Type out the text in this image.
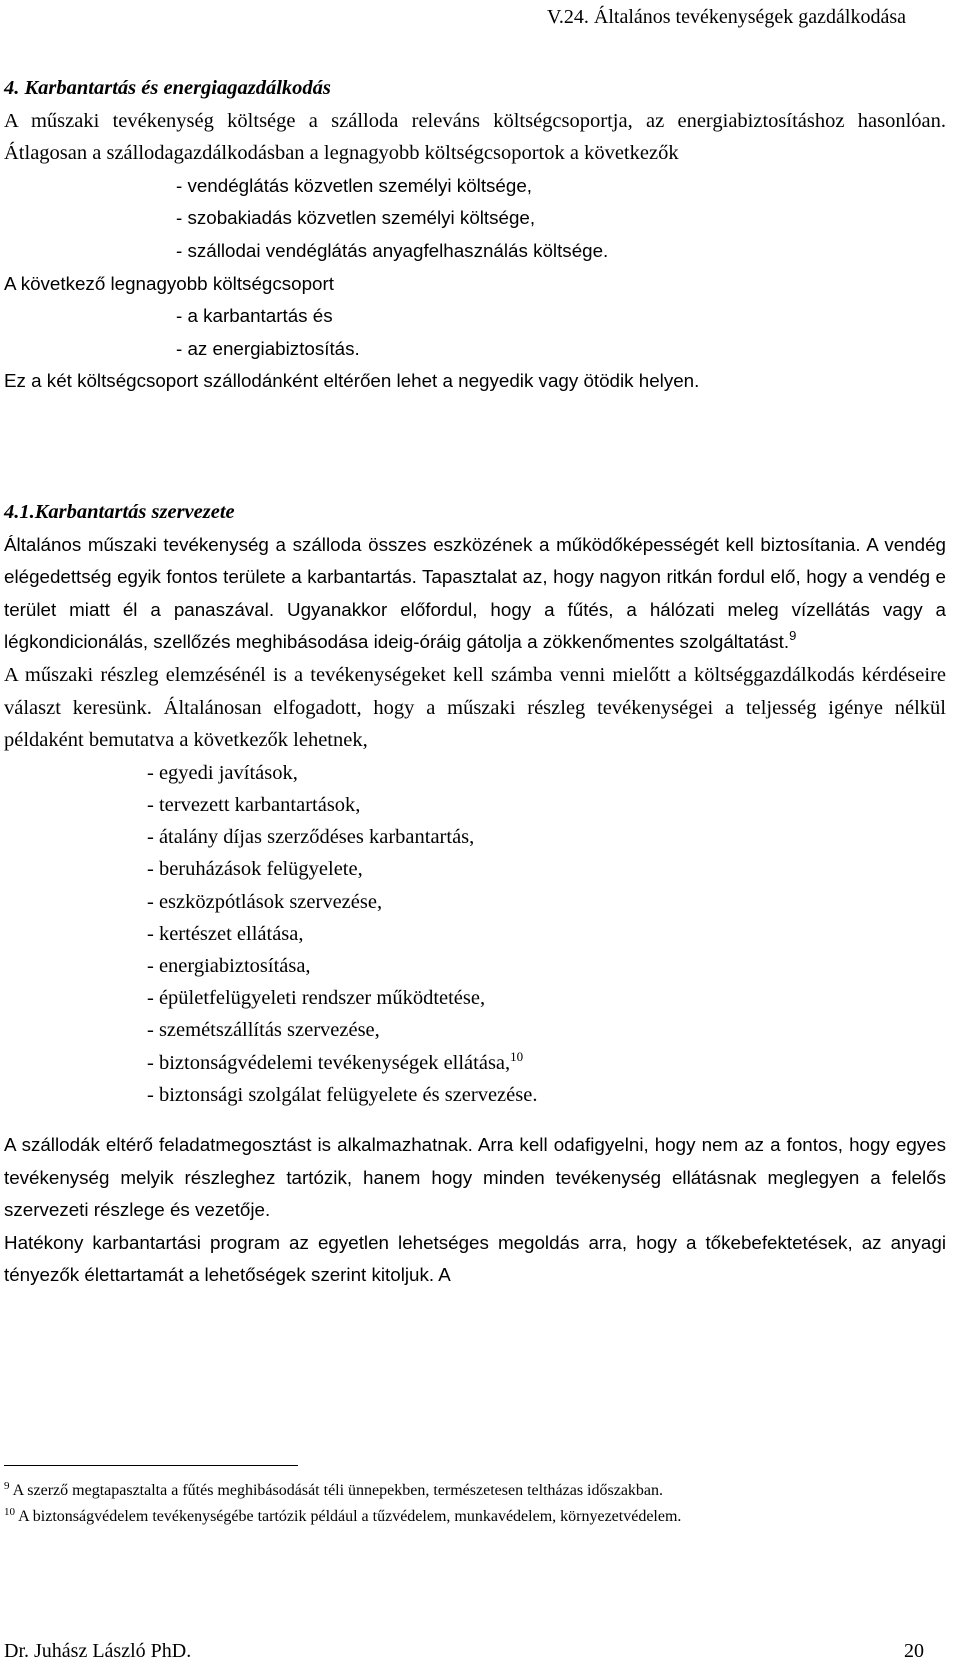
V.24. Általános tevékenységek gazdálkodása

4. Karbantartás és energiagazdálkodás

A műszaki tevékenység költsége a szálloda releváns költségcsoportja, az energiabiztosításhoz hasonlóan. Átlagosan a szállodagazdálkodásban a legnagyobb költségcsoportok a következők

- vendéglátás közvetlen személyi költsége,
- szobakiadás közvetlen személyi költsége,
- szállodai vendéglátás anyagfelhasználás költsége.

A következő legnagyobb költségcsoport

- a karbantartás és
- az energiabiztosítás.

Ez a két költségcsoport szállodánként eltérően lehet a negyedik vagy ötödik helyen.

4.1.Karbantartás szervezete

Általános műszaki tevékenység a szálloda összes eszközének a működőképességét kell biztosítania. A vendég elégedettség egyik fontos területe a karbantartás. Tapasztalat az, hogy nagyon ritkán fordul elő, hogy a vendég e terület miatt él a panaszával. Ugyanakkor előfordul, hogy a fűtés, a hálózati meleg vízellátás vagy a légkondicionálás, szellőzés meghibásodása ideig-óráig gátolja a zökkenőmentes szolgáltatást.$^9$

A műszaki részleg elemzésénél is a tevékenységeket kell számba venni mielőtt a költséggazdálkodás kérdéseire választ keresünk. Általánosan elfogadott, hogy a műszaki részleg tevékenységei a teljesség igénye nélkül példaként bemutatva a következők lehetnek,

- egyedi javítások,
- tervezett karbantartások,
- átalány díjas szerződéses karbantartás,
- beruházások felügyelete,
- eszközpótlások szervezése,
- kertészet ellátása,
- energiabiztosítása,
- épületfelügyeleti rendszer működtetése,
- szemétszállítás szervezése,
- biztonságvédelemi tevékenységek ellátása,$^{10}$
- biztonsági szolgálat felügyelete és szervezése.

A szállodák eltérő feladatmegosztást is alkalmazhatnak. Arra kell odafigyelni, hogy nem az a fontos, hogy egyes tevékenység melyik részleghez tartózik, hanem hogy minden tevékenység ellátásnak meglegyen a felelős szervezeti részlege és vezetője.

Hatékony karbantartási program az egyetlen lehetséges megoldás arra, hogy a tőkebefektetések, az anyagi tényezők élettartamát a lehetőségek szerint kitoljuk. A

$^9$ A szerző megtapasztalta a fűtés meghibásodását téli ünnepekben, természetesen teltházas időszakban.
$^{10}$ A biztonságvédelem tevékenységébe tartózik például a tűzvédelem, munkavédelem, környezetvédelem.
Dr. Juhász László PhD.	20
